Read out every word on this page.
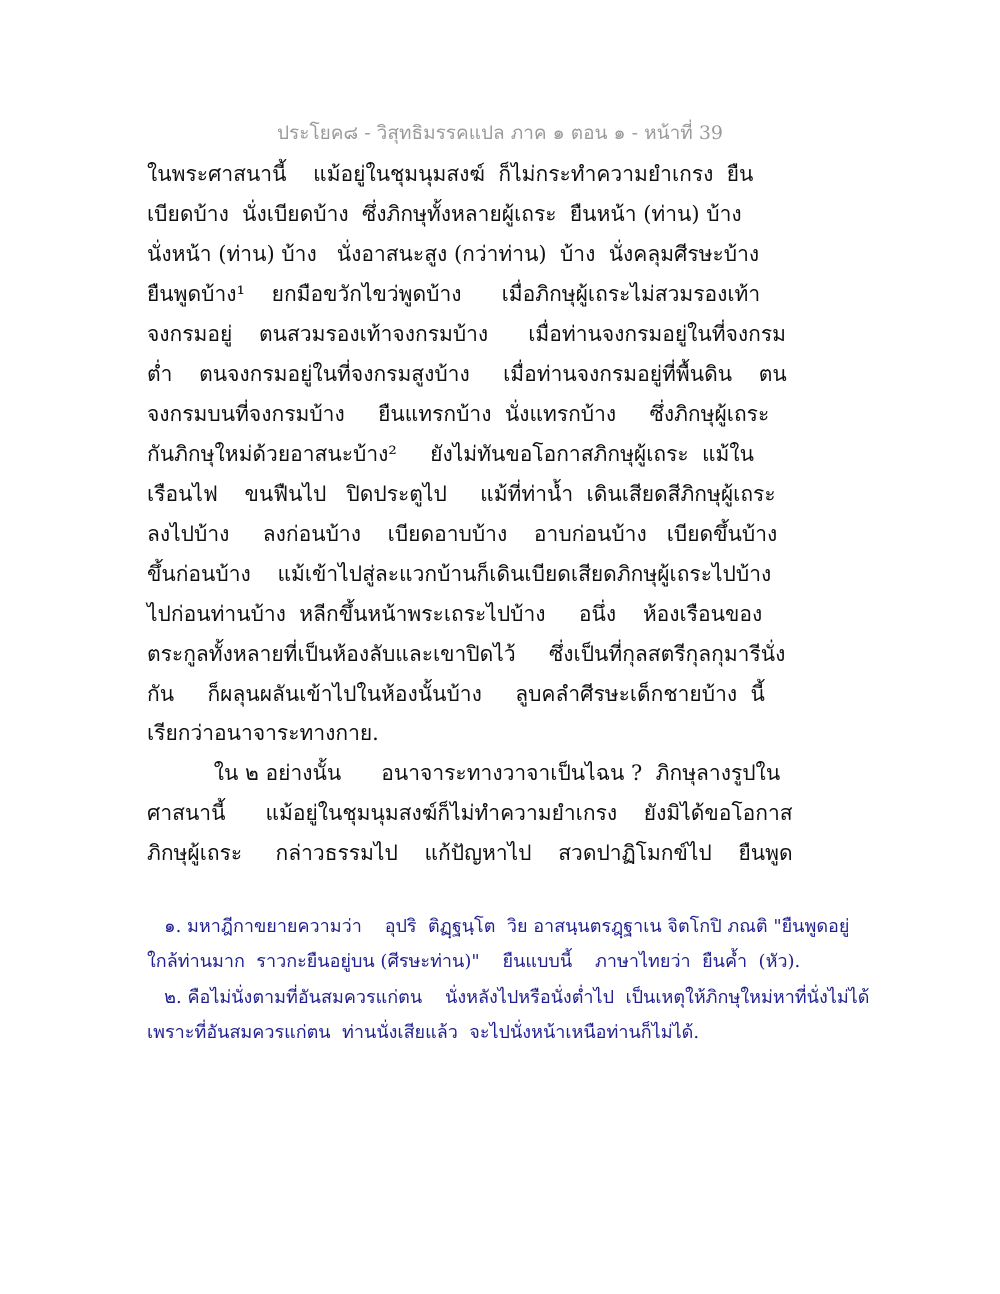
ประโยค๘ - วิสุทธิมรรคแปล ภาค ๑ ตอน ๑ - หน้าที่ 39
ในพระศาสนานี้    แม้อยู่ในชุมนุมสงฆ์  ก็ไม่กระทำความยำเกรง  ยืน
เบียดบ้าง  นั่งเบียดบ้าง  ซึ่งภิกษุทั้งหลายผู้เถระ  ยืนหน้า (ท่าน) บ้าง
นั่งหน้า (ท่าน) บ้าง   นั่งอาสนะสูง (กว่าท่าน)  บ้าง  นั่งคลุมศีรษะบ้าง
ยืนพูดบ้าง¹    ยกมือขวักไขว่พูดบ้าง      เมื่อภิกษุผู้เถระไม่สวมรองเท้า
จงกรมอยู่    ตนสวมรองเท้าจงกรมบ้าง      เมื่อท่านจงกรมอยู่ในที่จงกรม
ต่ำ    ตนจงกรมอยู่ในที่จงกรมสูงบ้าง     เมื่อท่านจงกรมอยู่ที่พื้นดิน    ตน
จงกรมบนที่จงกรมบ้าง     ยืนแทรกบ้าง  นั่งแทรกบ้าง     ซึ่งภิกษุผู้เถระ
กันภิกษุใหม่ด้วยอาสนะบ้าง²     ยังไม่ทันขอโอกาสภิกษุผู้เถระ  แม้ใน
เรือนไฟ    ขนฟืนไป   ปิดประตูไป     แม้ที่ท่าน้ำ  เดินเสียดสีภิกษุผู้เถระ
ลงไปบ้าง     ลงก่อนบ้าง    เบียดอาบบ้าง    อาบก่อนบ้าง   เบียดขึ้นบ้าง
ขึ้นก่อนบ้าง    แม้เข้าไปสู่ละแวกบ้านก็เดินเบียดเสียดภิกษุผู้เถระไปบ้าง
ไปก่อนท่านบ้าง  หลีกขึ้นหน้าพระเถระไปบ้าง     อนึ่ง    ห้องเรือนของ
ตระกูลทั้งหลายที่เป็นห้องลับและเขาปิดไว้     ซึ่งเป็นที่กุลสตรีกุลกุมารีนั่ง
กัน     ก็ผลุนผลันเข้าไปในห้องนั้นบ้าง     ลูบคลำศีรษะเด็กชายบ้าง  นี้
เรียกว่าอนาจาระทางกาย.
ใน ๒ อย่างนั้น      อนาจาระทางวาจาเป็นไฉน ?  ภิกษุลางรูปใน
ศาสนานี้      แม้อยู่ในชุมนุมสงฆ์ก็ไม่ทำความยำเกรง    ยังมิได้ขอโอกาส
ภิกษุผู้เถระ     กล่าวธรรมไป    แก้ปัญหาไป    สวดปาฏิโมกข์ไป    ยืนพูด
๑. มหาฎีกาขยายความว่า    อุปริ  ติฏฺฐนฺโต  วิย อาสนฺนตรฎฺฐาเน จิตโกปิ ภณติ "ยืนพูดอยู่
ใกล้ท่านมาก  ราวกะยืนอยู่บน (ศีรษะท่าน)"    ยืนแบบนี้    ภาษาไทยว่า  ยืนค้ำ  (หัว).
๒. คือไม่นั่งตามที่อันสมควรแก่ตน    นั่งหลังไปหรือนั่งต่ำไป  เป็นเหตุให้ภิกษุใหม่หาที่นั่งไม่ได้
เพราะที่อันสมควรแก่ตน  ท่านนั่งเสียแล้ว  จะไปนั่งหน้าเหนือท่านก็ไม่ได้.
